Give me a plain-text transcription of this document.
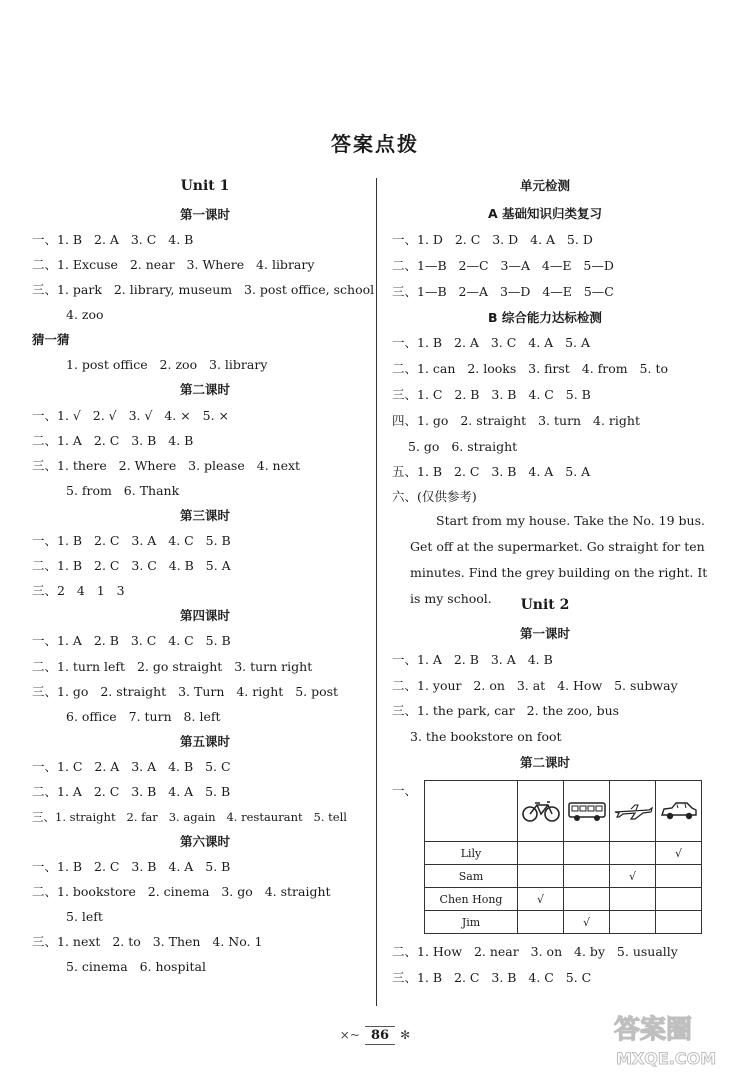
答案点拨
Unit 1
第一课时
一、1. B   2. A   3. C   4. B
二、1. Excuse   2. near   3. Where   4. library
三、1. park   2. library, museum   3. post office, school
4. zoo
猜一猜
1. post office   2. zoo   3. library
第二课时
一、1. √   2. √   3. √   4. ×   5. ×
二、1. A   2. C   3. B   4. B
三、1. there   2. Where   3. please   4. next
5. from   6. Thank
第三课时
一、1. B   2. C   3. A   4. C   5. B
二、1. B   2. C   3. C   4. B   5. A
三、2   4   1   3
第四课时
一、1. A   2. B   3. C   4. C   5. B
二、1. turn left   2. go straight   3. turn right
三、1. go   2. straight   3. Turn   4. right   5. post
6. office   7. turn   8. left
第五课时
一、1. C   2. A   3. A   4. B   5. C
二、1. A   2. C   3. B   4. A   5. B
三、1. straight   2. far   3. again   4. restaurant   5. tell
第六课时
一、1. B   2. C   3. B   4. A   5. B
二、1. bookstore   2. cinema   3. go   4. straight
5. left
三、1. next   2. to   3. Then   4. No. 1
5. cinema   6. hospital
单元检测
A 基础知识归类复习
一、1. D   2. C   3. D   4. A   5. D
二、1—B   2—C   3—A   4—E   5—D
三、1—B   2—A   3—D   4—E   5—C
B 综合能力达标检测
一、1. B   2. A   3. C   4. A   5. A
二、1. can   2. looks   3. first   4. from   5. to
三、1. C   2. B   3. B   4. C   5. B
四、1. go   2. straight   3. turn   4. right
5. go   6. straight
五、1. B   2. C   3. B   4. A   5. A
六、(仅供参考)
Start from my house. Take the No. 19 bus. Get off at the supermarket. Go straight for ten minutes. Find the grey building on the right. It is my school.	Unit 2
第一课时
一、1. A   2. B   3. A   4. B
二、1. your   2. on   3. at   4. How   5. subway
三、1. the park, car   2. the zoo, bus
3. the bookstore on foot
第二课时
一、

Lily				√
Sam			√	
Chen Hong	√			
Jim		√		
二、1. How   2. near   3. on   4. by   5. usually
三、1. B   2. C   3. B   4. C   5. C
×~ 86 ✻	答案圈
MXQE.COM
